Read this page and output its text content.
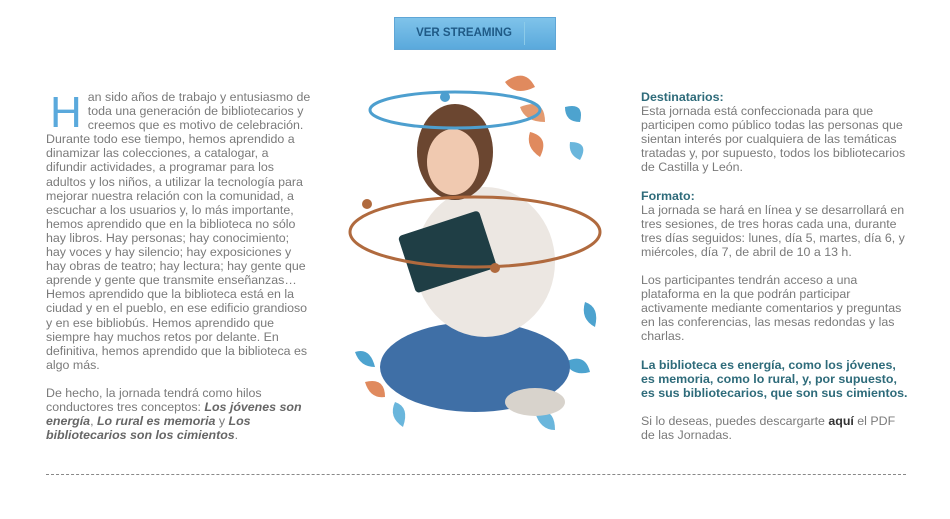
VER STREAMING

Han sido años de trabajo y entusiasmo de toda una generación de bibliotecarios y creemos que es motivo de celebración. Durante todo ese tiempo, hemos aprendido a dinamizar las colecciones, a catalogar, a difundir actividades, a programar para los adultos y los niños, a utilizar la tecnología para mejorar nuestra relación con la comunidad, a escuchar a los usuarios y, lo más importante, hemos aprendido que en la biblioteca no sólo hay libros. Hay personas; hay conocimiento; hay voces y hay silencio; hay exposiciones y hay obras de teatro; hay lectura; hay gente que aprende y gente que transmite enseñanzas… Hemos aprendido que la biblioteca está en la ciudad y en el pueblo, en ese edificio grandioso y en ese bibliobús. Hemos aprendido que siempre hay muchos retos por delante. En definitiva, hemos aprendido que la biblioteca es algo más.

De hecho, la jornada tendrá como hilos conductores tres conceptos: Los jóvenes son energía, Lo rural es memoria y Los bibliotecarios son los cimientos.

Destinatarios:
Esta jornada está confeccionada para que participen como público todas las personas que sientan interés por cualquiera de las temáticas tratadas y, por supuesto, todos los bibliotecarios de Castilla y León.

Formato:
La jornada se hará en línea y se desarrollará en tres sesiones, de tres horas cada una, durante tres días seguidos: lunes, día 5, martes, día 6, y miércoles, día 7, de abril de 10 a 13 h.

Los participantes tendrán acceso a una plataforma en la que podrán participar activamente mediante comentarios y preguntas en las conferencias, las mesas redondas y las charlas.

La biblioteca es energía, como los jóvenes, es memoria, como lo rural, y, por supuesto, es sus bibliotecarios, que son sus cimientos.

Si lo deseas, puedes descargarte aquí el PDF de las Jornadas.
